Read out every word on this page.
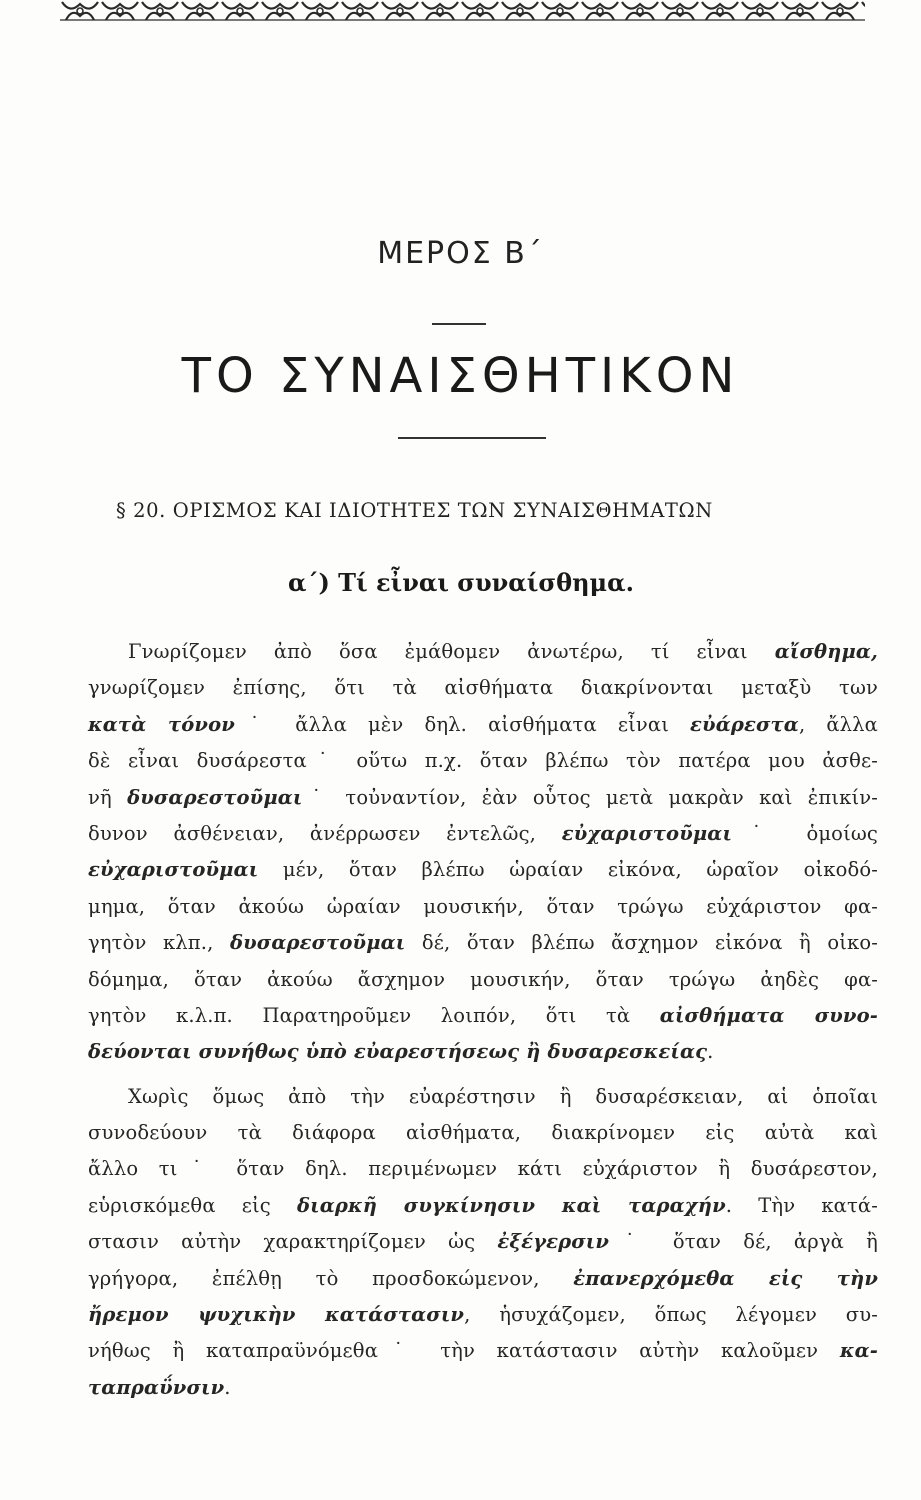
ΜΕΡΟΣ Β΄
ΤΟ ΣΥΝΑΙΣΘΗΤΙΚΟΝ
§ 20. ΟΡΙΣΜΟΣ ΚΑΙ ΙΔΙΟΤΗΤΕΣ ΤΩΝ ΣΥΝΑΙΣΘΗΜΑΤΩΝ
α΄) Τί εἶναι συναίσθημα.
Γνωρίζομεν ἀπὸ ὅσα ἐμάθομεν ἀνωτέρω, τί εἶναι αἴσθημα,
γνωρίζομεν ἐπίσης, ὅτι τὰ αἰσθήματα διακρίνονται μεταξὺ των
κατὰ τόνον˙ ἄλλα μὲν δηλ. αἰσθήματα εἶναι εὐάρεστα, ἄλλα
δὲ εἶναι δυσάρεστα˙ οὕτω π.χ. ὅταν βλέπω τὸν πατέρα μου ἀσθε-
νῆ δυσαρεστοῦμαι˙ τοὐναντίον, ἐὰν οὗτος μετὰ μακρὰν καὶ ἐπικίν-
δυνον ἀσθένειαν, ἀνέρρωσεν ἐντελῶς, εὐχαριστοῦμαι˙ ὁμοίως
εὐχαριστοῦμαι μέν, ὅταν βλέπω ὡραίαν εἰκόνα, ὡραῖον οἰκοδό-
μημα, ὅταν ἀκούω ὡραίαν μουσικήν, ὅταν τρώγω εὐχάριστον φα-
γητὸν κλπ., δυσαρεστοῦμαι δέ, ὅταν βλέπω ἄσχημον εἰκόνα ἢ οἰκο-
δόμημα, ὅταν ἀκούω ἄσχημον μουσικήν, ὅταν τρώγω ἀηδὲς φα-
γητὸν κ.λ.π. Παρατηροῦμεν λοιπόν, ὅτι τὰ αἰσθήματα συνο-
δεύονται συνήθως ὑπὸ εὐαρεστήσεως ἢ δυσαρεσκείας.
Χωρὶς ὅμως ἀπὸ τὴν εὐαρέστησιν ἢ δυσαρέσκειαν, αἱ ὁποῖαι
συνοδεύουν τὰ διάφορα αἰσθήματα, διακρίνομεν εἰς αὐτὰ καὶ
ἄλλο τι˙ ὅταν δηλ. περιμένωμεν κάτι εὐχάριστον ἢ δυσάρεστον,
εὑρισκόμεθα εἰς διαρκῆ συγκίνησιν καὶ ταραχήν. Τὴν κατά-
στασιν αὐτὴν χαρακτηρίζομεν ὡς ἐξέγερσιν˙ ὅταν δέ, ἀργὰ ἢ
γρήγορα, ἐπέλθῃ τὸ προσδοκώμενον, ἐπανερχόμεθα εἰς τὴν
ἤρεμον ψυχικὴν κατάστασιν, ἡσυχάζομεν, ὅπως λέγομεν συ-
νήθως ἢ καταπραϋνόμεθα˙ τὴν κατάστασιν αὐτὴν καλοῦμεν κα-
ταπραΰνσιν.
